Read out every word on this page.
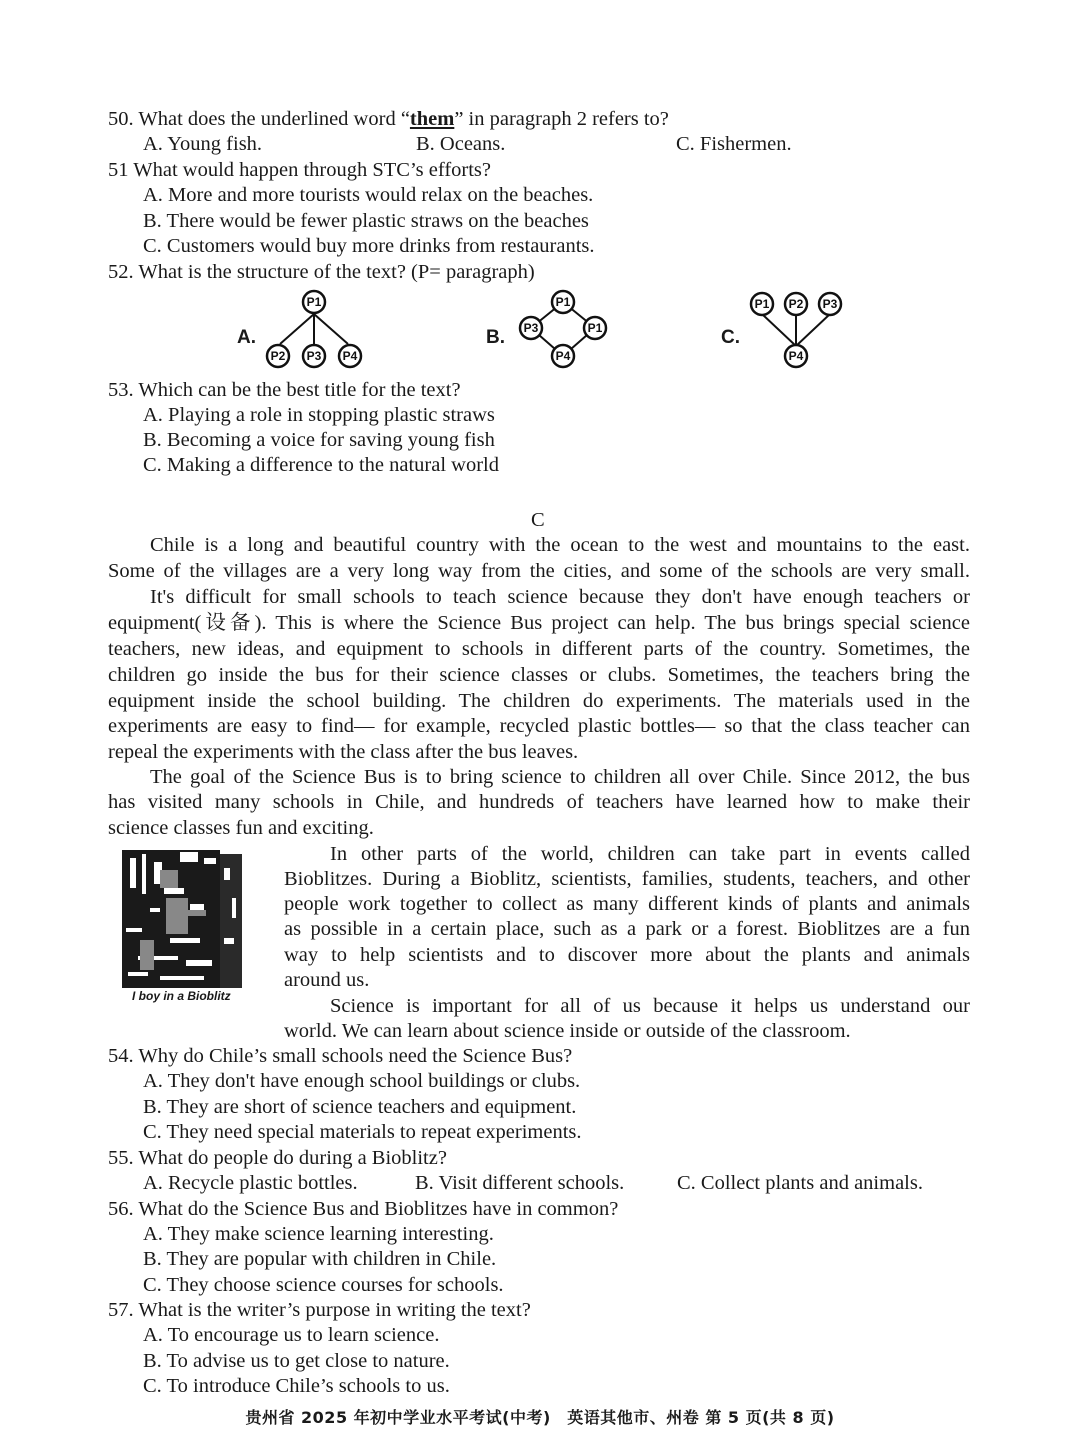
50. What does the underlined word “them” in paragraph 2 refers to?
A. Young fish.	B. Oceans.	C. Fishermen.
51 What would happen through STC’s efforts?
A. More and more tourists would relax on the beaches.
B. There would be fewer plastic straws on the beaches
C. Customers would buy more drinks from restaurants.
52. What is the structure of the text? (P= paragraph)
A.
P1
P2 P3 P4
B.
P1
P3	P1
P4
C.
P1 P2 P3
P4
53. Which can be the best title for the text?
A. Playing a role in stopping plastic straws
B. Becoming a voice for saving young fish
C. Making a difference to the natural world
C
Chile is a long and beautiful country with the ocean to the west and mountains to the east.
Some of the villages are a very long way from the cities, and some of the schools are very small.
It's difficult for small schools to teach science because they don't have enough teachers or
equipment(设备). This is where the Science Bus project can help. The bus brings special science
teachers, new ideas, and equipment to schools in different parts of the country. Sometimes, the
children go inside the bus for their science classes or clubs. Sometimes, the teachers bring the
equipment inside the school building. The children do experiments. The materials used in the
experiments are easy to find— for example, recycled plastic bottles— so that the class teacher can
repeal the experiments with the class after the bus leaves.
The goal of the Science Bus is to bring science to children all over Chile. Since 2012, the bus
has visited many schools in Chile, and hundreds of teachers have learned how to make their
science classes fun and exciting.
I boy in a Bioblitz
In other parts of the world, children can take part in events called
Bioblitzes. During a Bioblitz, scientists, families, students, teachers, and other
people work together to collect as many different kinds of plants and animals
as possible in a certain place, such as a park or a forest. Bioblitzes are a fun
way to help scientists and to discover more about the plants and animals
around us.
Science is important for all of us because it helps us understand our
world. We can learn about science inside or outside of the classroom.
54. Why do Chile’s small schools need the Science Bus?
A. They don't have enough school buildings or clubs.
B. They are short of science teachers and equipment.
C. They need special materials to repeat experiments.
55. What do people do during a Bioblitz?
A. Recycle plastic bottles.	B. Visit different schools.	C. Collect plants and animals.
56. What do the Science Bus and Bioblitzes have in common?
A. They make science learning interesting.
B. They are popular with children in Chile.
C. They choose science courses for schools.
57. What is the writer’s purpose in writing the text?
A. To encourage us to learn science.
B. To advise us to get close to nature.
C. To introduce Chile’s schools to us.
贵州省 2025 年初中学业水平考试(中考)　英语其他市、州卷 第 5 页(共 8 页)
